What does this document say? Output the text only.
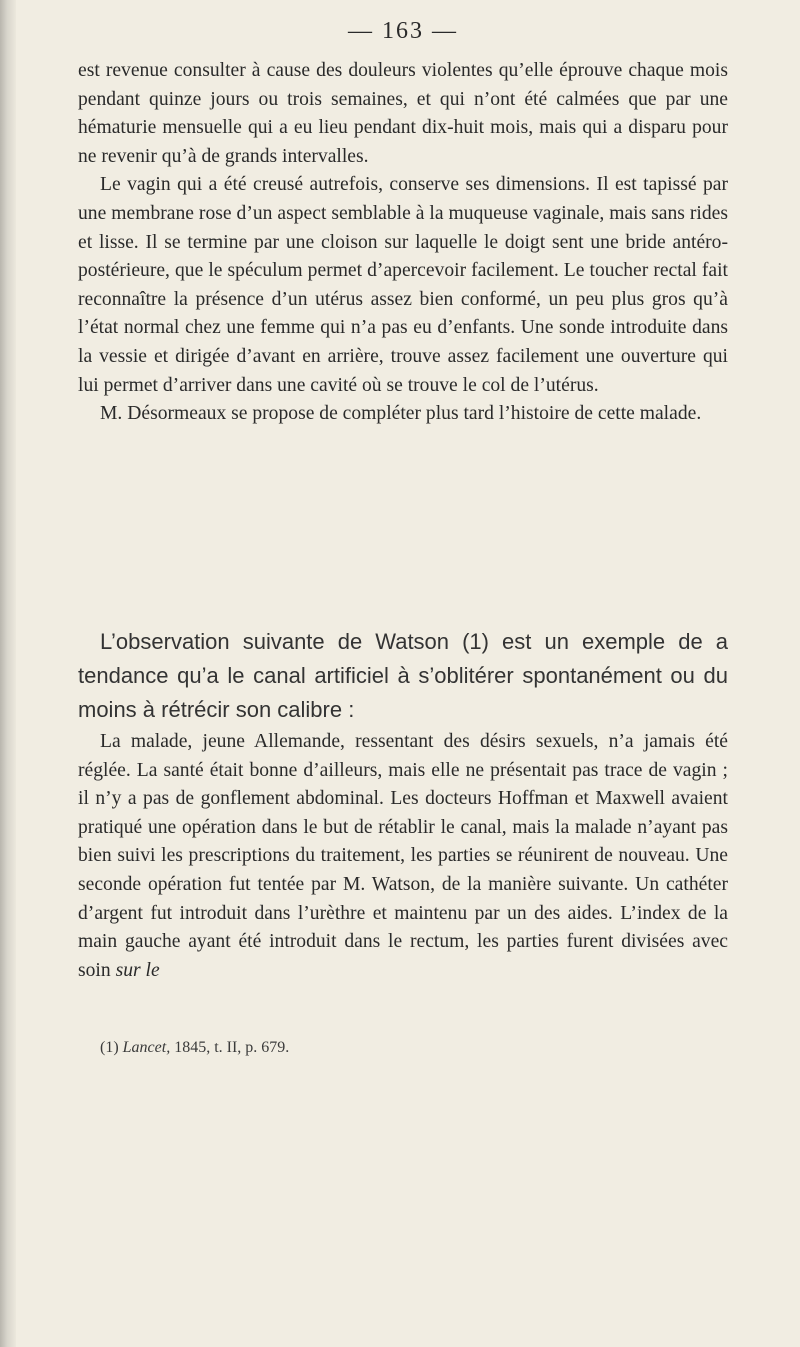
— 163 —

est revenue consulter à cause des douleurs violentes qu’elle éprouve chaque mois pendant quinze jours ou trois semaines, et qui n’ont été calmées que par une hématurie mensuelle qui a eu lieu pendant dix-huit mois, mais qui a disparu pour ne revenir qu’à de grands intervalles.

Le vagin qui a été creusé autrefois, conserve ses dimensions. Il est tapissé par une membrane rose d’un aspect semblable à la muqueuse vaginale, mais sans rides et lisse. Il se termine par une cloison sur laquelle le doigt sent une bride antéro-postérieure, que le spéculum permet d’apercevoir facilement. Le toucher rectal fait reconnaître la présence d’un utérus assez bien conformé, un peu plus gros qu’à l’état normal chez une femme qui n’a pas eu d’enfants. Une sonde introduite dans la vessie et dirigée d’avant en arrière, trouve assez facilement une ouverture qui lui permet d’arriver dans une cavité où se trouve le col de l’utérus.

M. Désormeaux se propose de compléter plus tard l’histoire de cette malade.

L’observation suivante de Watson (1) est un exemple de a tendance qu’a le canal artificiel à s’oblitérer spontanément ou du moins à rétrécir son calibre :

La malade, jeune Allemande, ressentant des désirs sexuels, n’a jamais été réglée. La santé était bonne d’ailleurs, mais elle ne présentait pas trace de vagin ; il n’y a pas de gonflement abdominal. Les docteurs Hoffman et Maxwell avaient pratiqué une opération dans le but de rétablir le canal, mais la malade n’ayant pas bien suivi les prescriptions du traitement, les parties se réunirent de nouveau. Une seconde opération fut tentée par M. Watson, de la manière suivante. Un cathéter d’argent fut introduit dans l’urèthre et maintenu par un des aides. L’index de la main gauche ayant été introduit dans le rectum, les parties furent divisées avec soin sur le

(1) Lancet, 1845, t. II, p. 679.
